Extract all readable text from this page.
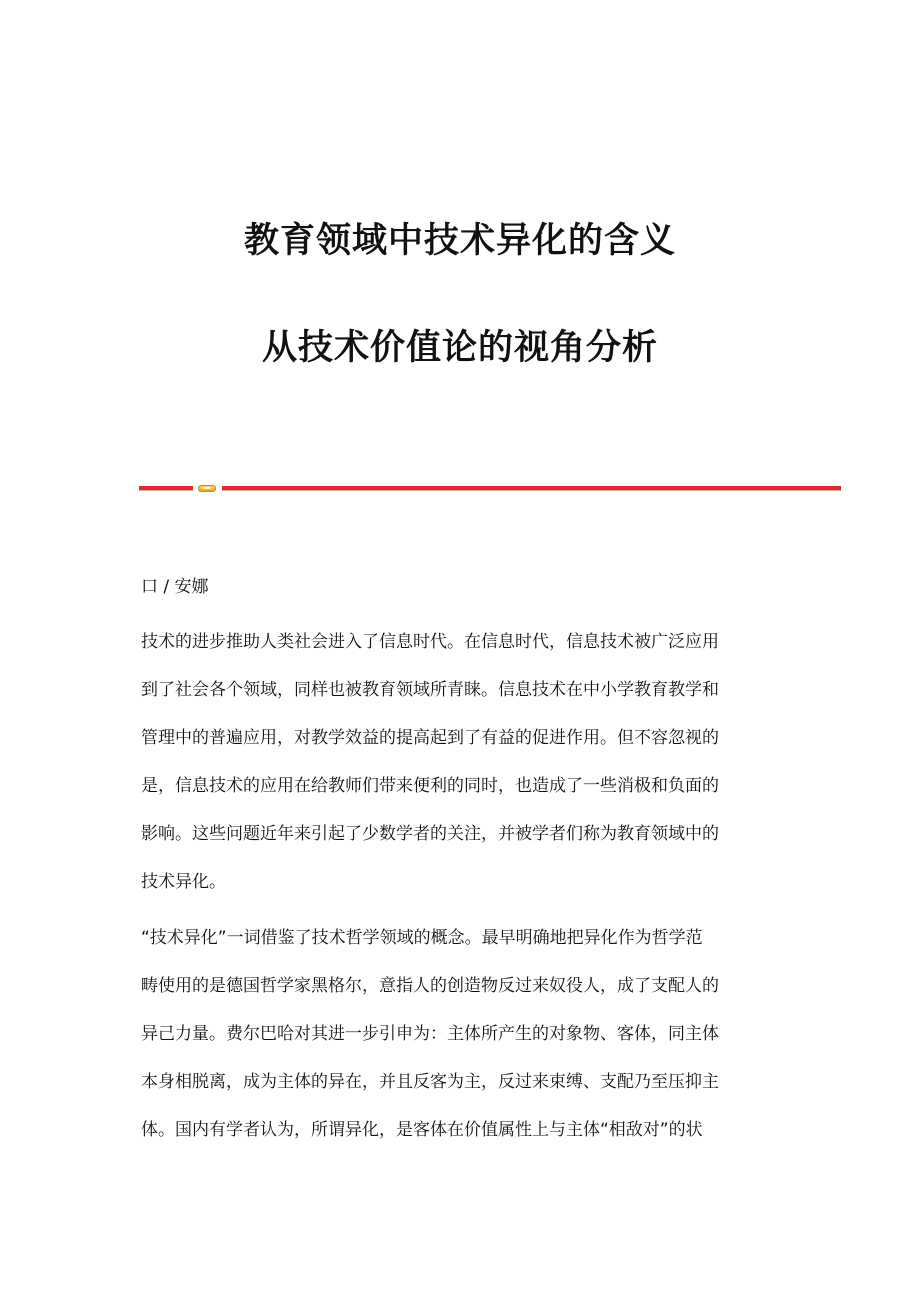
教育领域中技术异化的含义
从技术价值论的视角分析
口 / 安娜
技术的进步推助人类社会进入了信息时代。在信息时代，信息技术被广泛应用
到了社会各个领域，同样也被教育领域所青睐。信息技术在中小学教育教学和
管理中的普遍应用，对教学效益的提高起到了有益的促进作用。但不容忽视的
是，信息技术的应用在给教师们带来便利的同时，也造成了一些消极和负面的
影响。这些问题近年来引起了少数学者的关注，并被学者们称为教育领域中的
技术异化。
“技术异化”一词借鉴了技术哲学领域的概念。最早明确地把异化作为哲学范
畴使用的是德国哲学家黑格尔，意指人的创造物反过来奴役人，成了支配人的
异己力量。费尔巴哈对其进一步引申为：主体所产生的对象物、客体，同主体
本身相脱离，成为主体的异在，并且反客为主，反过来束缚、支配乃至压抑主
体。国内有学者认为，所谓异化，是客体在价值属性上与主体“相敌对”的状
